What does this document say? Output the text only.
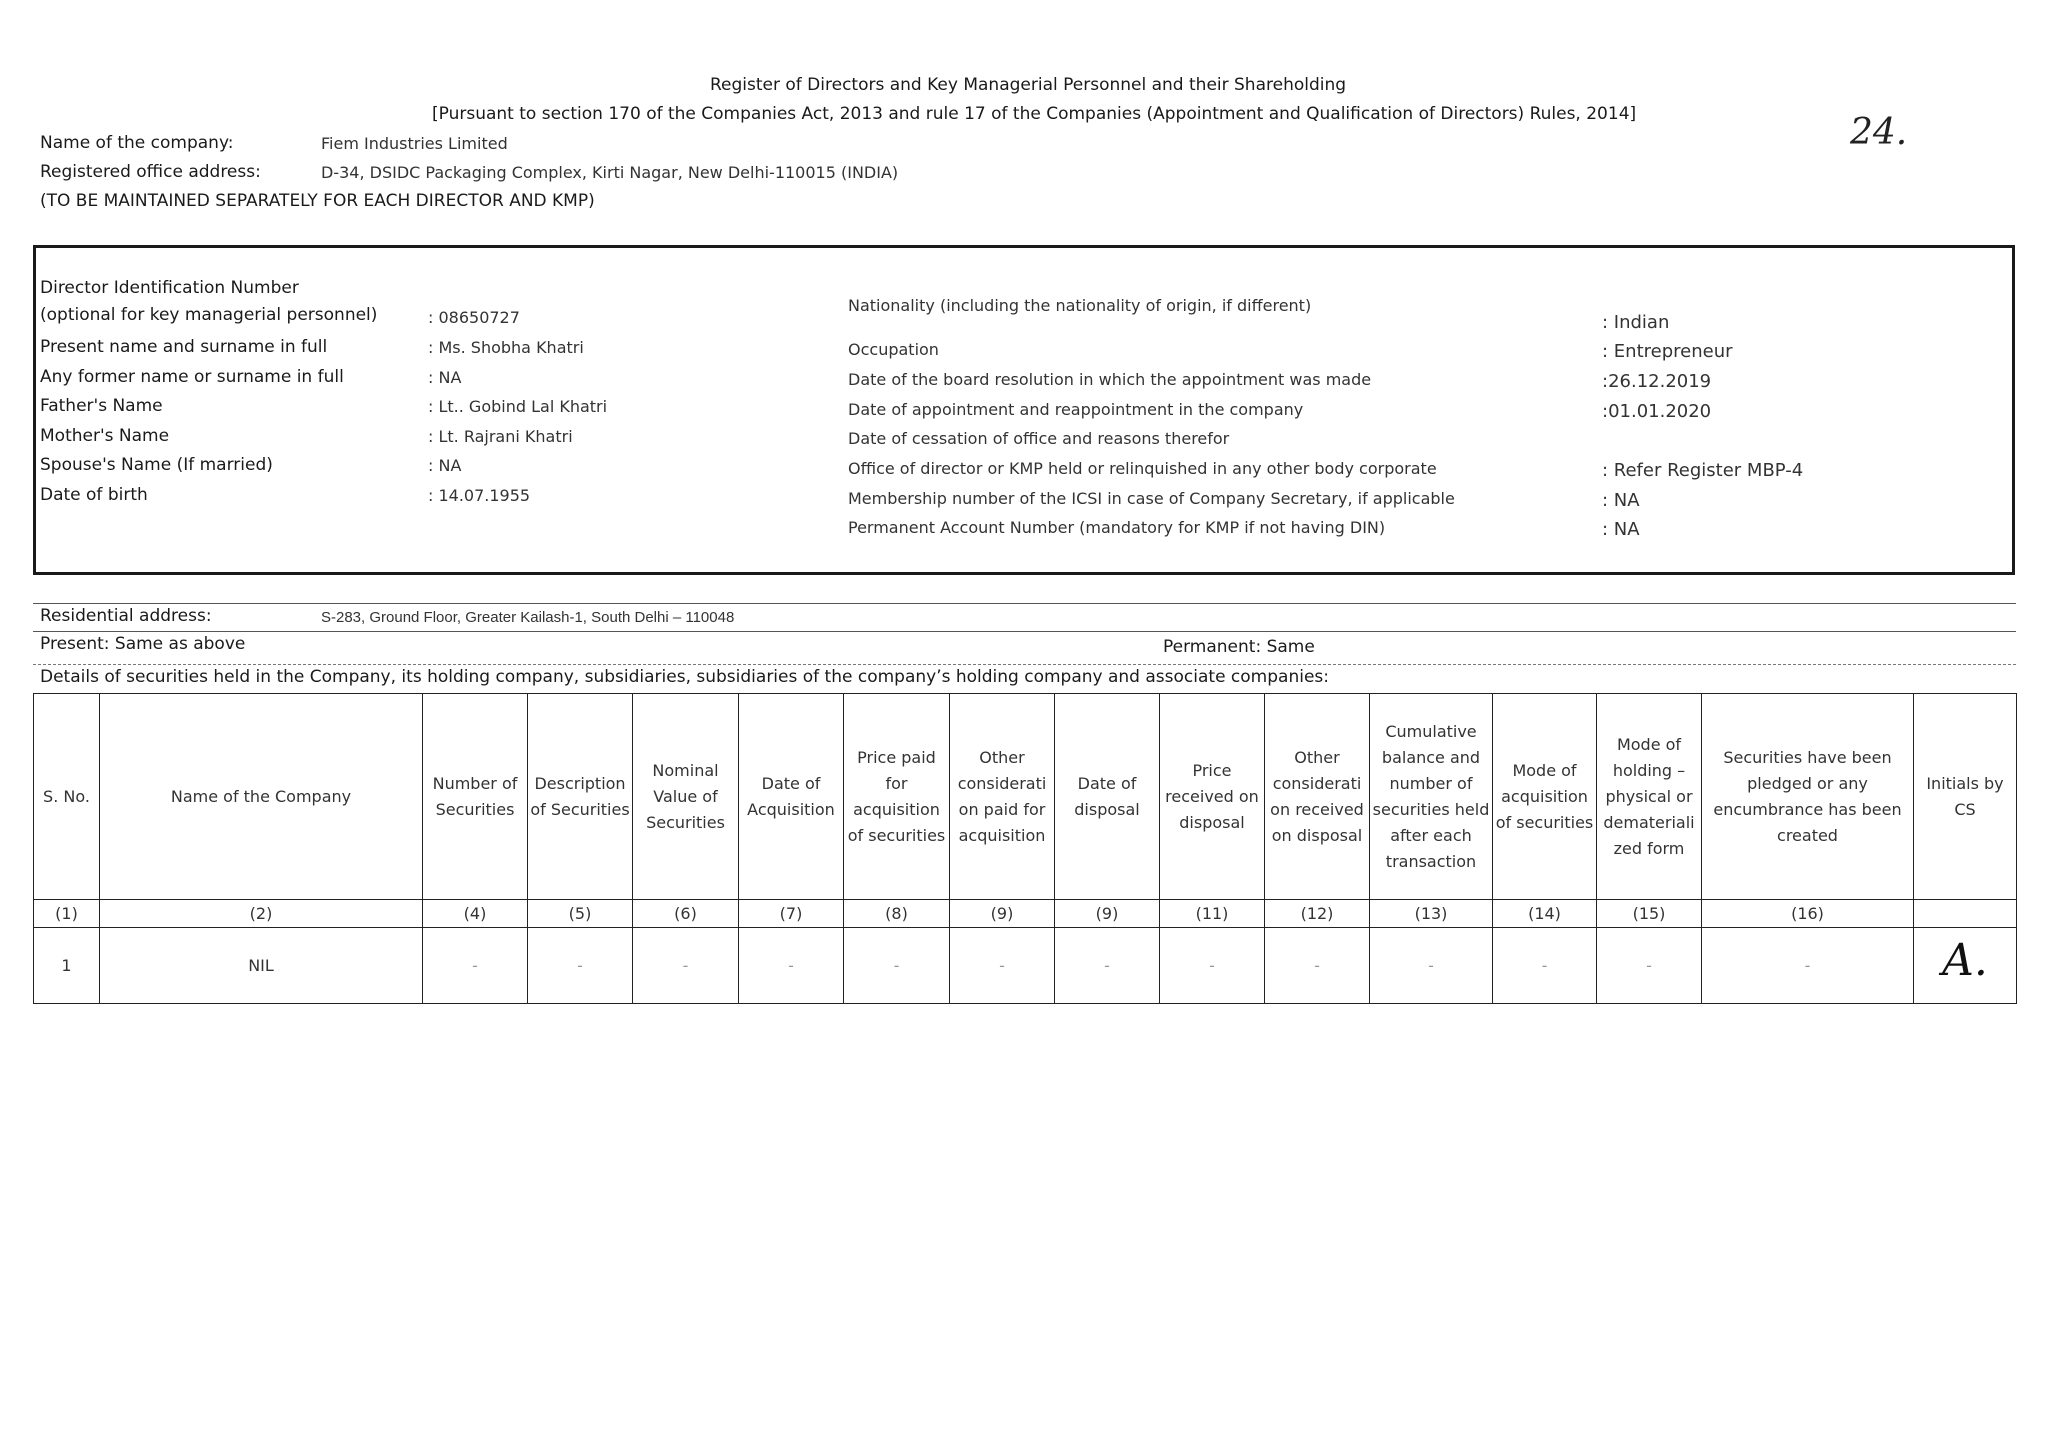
Register of Directors and Key Managerial Personnel and their Shareholding
[Pursuant to section 170 of the Companies Act, 2013 and rule 17 of the Companies (Appointment and Qualification of Directors) Rules, 2014]	24.
Name of the company:	Fiem Industries Limited
Registered office address:	D-34, DSIDC Packaging Complex, Kirti Nagar, New Delhi-110015 (INDIA)
(TO BE MAINTAINED SEPARATELY FOR EACH DIRECTOR AND KMP)
Director Identification Number
(optional for key managerial personnel)	: 08650727
Present name and surname in full	: Ms. Shobha Khatri
Any former name or surname in full	: NA
Father's Name	: Lt.. Gobind Lal Khatri
Mother's Name	: Lt. Rajrani Khatri
Spouse's Name (If married)	: NA
Date of birth	: 14.07.1955
Nationality (including the nationality of origin, if different)
: Indian
Occupation	: Entrepreneur
Date of the board resolution in which the appointment was made	:26.12.2019
Date of appointment and reappointment in the company	:01.01.2020
Date of cessation of office and reasons therefor
Office of director or KMP held or relinquished in any other body corporate	: Refer Register MBP-4
Membership number of the ICSI in case of Company Secretary, if applicable	: NA
Permanent Account Number (mandatory for KMP if not having DIN)	: NA
Residential address:	S-283, Ground Floor, Greater Kailash-1, South Delhi – 110048
Present: Same as above	Permanent: Same
Details of securities held in the Company, its holding company, subsidiaries, subsidiaries of the company’s holding company and associate companies:
S. No.	Name of the Company	Number of Securities	Description of Securities	Nominal Value of Securities	Date of Acquisition	Price paid for acquisition of securities	Other considerati on paid for acquisition	Date of disposal	Price received on disposal	Other considerati on received on disposal	Cumulative balance and number of securities held after each transaction	Mode of acquisition of securities	Mode of holding – physical or demateriali zed form	Securities have been pledged or any encumbrance has been created	Initials by CS
(1)	(2)	(4)	(5)	(6)	(7)	(8)	(9)	(9)	(11)	(12)	(13)	(14)	(15)	(16)	
1	NIL	-	-	-	-	-	-	-	-	-	-	-	-	-	A.
